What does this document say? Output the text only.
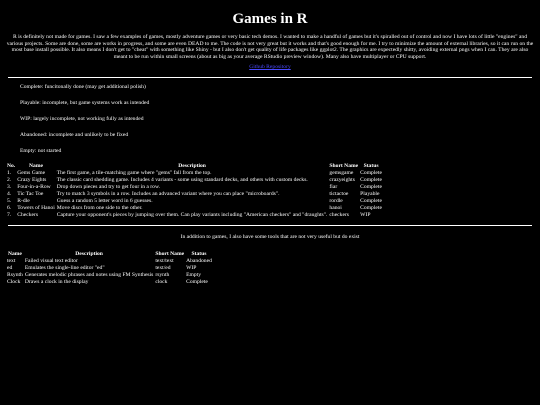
Games in R
R is definitely not made for games. I saw a few examples of games, mostly adventure games or very basic tech demos. I wanted to make a handful of games but it's spiralled out of control and now I have lots of little "engines" and various projects. Some are done, some are works in progress, and some are even DEAD to me. The code is not very great but it works and that's good enough for me. I try to minimize the amount of external libraries, so it can run on the most base install possible. It also means I don't get to "cheat" with something like Shiny - but I also don't get quality of life packages like ggplot2. The graphics are expectedly shitty, avoiding external pngs when I can. They are also meant to be run within small screens (about as big as your average RStudio preview window). Many also have multiplayer or CPU support.
Github Repository
Complete: funcitonally done (may get additional polish)
Playable: incomplete, but game systems work as intended
WIP: largely incomplete, not working fully as intended
Abandoned: incomplete and unlikely to be fixed
Empty: not started
No.	Name	Description	Short Name	Status
1.	Gems Game	The first game, a tile-matching game where "gems" fall from the top.	gemsgame	Complete
2.	Crazy Eights	The classic card shedding game. Includes 4 variants - some using standard decks, and others with custom decks.	crazyeights	Complete
3.	Four-in-a-Row	Drop down pieces and try to get four in a row.	fiar	Complete
4.	Tic Tac Toe	Try to match 3 symbols in a row. Includes an advanced variant where you can place "microboards".	tictactoe	Playable
5.	R-dle	Guess a random 5 letter word in 6 guesses.	rordle	Complete
6.	Towers of Hanoi	Move discs from one side to the other.	hanoi	Complete
7.	Checkers	Capture your opponent's pieces by jumping over them. Can play variants including "American checkers" and "draughts".	checkers	WIP
In addition to games, I also have some tools that are not very useful but do exist
Name	Description	Short Name	Status
text	Failed visual text editor	text/text	Abandoned
ed	Emulates the single-line editor "ed"	text/ed	WIP
Rsynth	Generates melodic phrases and notes using FM Synthesis	rsynth	Empty
Clock	Draws a clock in the display	clock	Complete
